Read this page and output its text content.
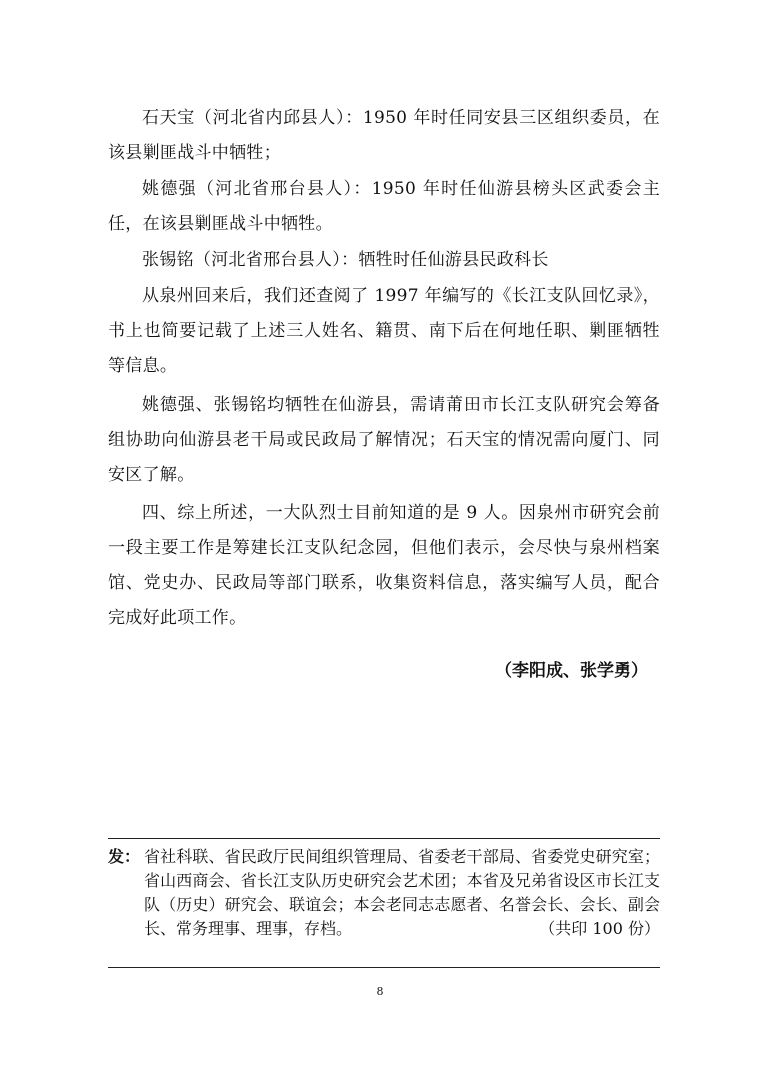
石天宝（河北省内邱县人）：1950 年时任同安县三区组织委员，在该县剿匪战斗中牺牲；

姚德强（河北省邢台县人）：1950 年时任仙游县榜头区武委会主任，在该县剿匪战斗中牺牲。

张锡铭（河北省邢台县人）：牺牲时任仙游县民政科长

从泉州回来后，我们还查阅了 1997 年编写的《长江支队回忆录》，书上也简要记载了上述三人姓名、籍贯、南下后在何地任职、剿匪牺牲等信息。

姚德强、张锡铭均牺牲在仙游县，需请莆田市长江支队研究会筹备组协助向仙游县老干局或民政局了解情况；石天宝的情况需向厦门、同安区了解。

四、综上所述，一大队烈士目前知道的是 9 人。因泉州市研究会前一段主要工作是筹建长江支队纪念园，但他们表示，会尽快与泉州档案馆、党史办、民政局等部门联系，收集资料信息，落实编写人员，配合完成好此项工作。

（李阳成、张学勇）
发： 省社科联、省民政厅民间组织管理局、省委老干部局、省委党史研究室；省山西商会、省长江支队历史研究会艺术团；本省及兄弟省设区市长江支队（历史）研究会、联谊会；本会老同志志愿者、名誉会长、会长、副会长、常务理事、理事，存档。	（共印 100 份）
8
